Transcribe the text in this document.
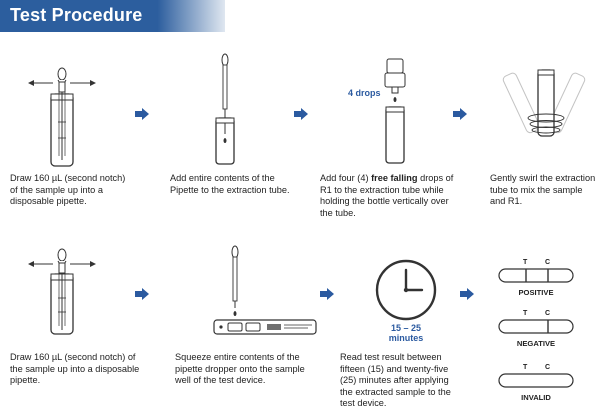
Test Procedure
Draw 160 µL (second notch) of the sample up into a disposable pipette.
Add entire contents of the Pipette to the extraction tube.
4 drops
Add four (4) free falling drops of R1 to the extraction tube while holding the bottle vertically over the tube.
Gently swirl the extraction tube to mix the sample and R1.
Draw 160 µL (second notch) of the sample up into a disposable pipette.
Squeeze entire contents of the pipette dropper onto the sample well of the test device.
15 – 25 minutes
Read test result between fifteen (15) and twenty-five (25) minutes after applying the extracted sample to the test device.
T	C
POSITIVE
T	C
NEGATIVE
T	C
INVALID
